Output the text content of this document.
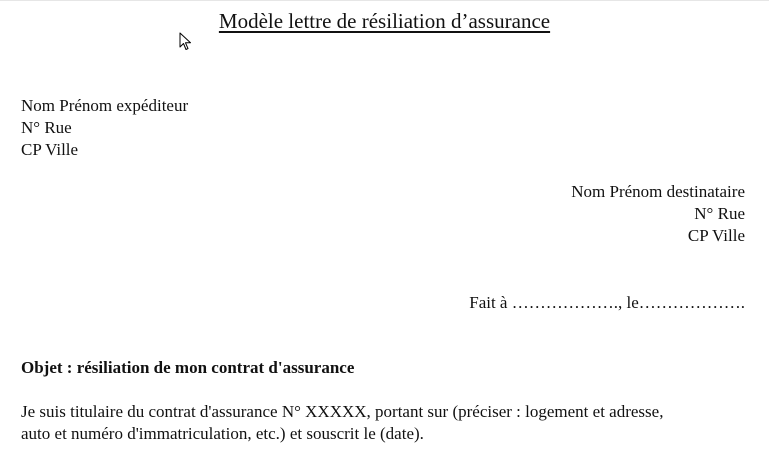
Modèle lettre de résiliation d’assurance
Nom Prénom expéditeur
N° Rue
CP Ville
Nom Prénom destinataire
N° Rue
CP Ville
Fait à ………………., le……………….
Objet : résiliation de mon contrat d'assurance
Je suis titulaire du contrat d'assurance N° XXXXX, portant sur (préciser : logement et adresse,
auto et numéro d'immatriculation, etc.) et souscrit le (date).
